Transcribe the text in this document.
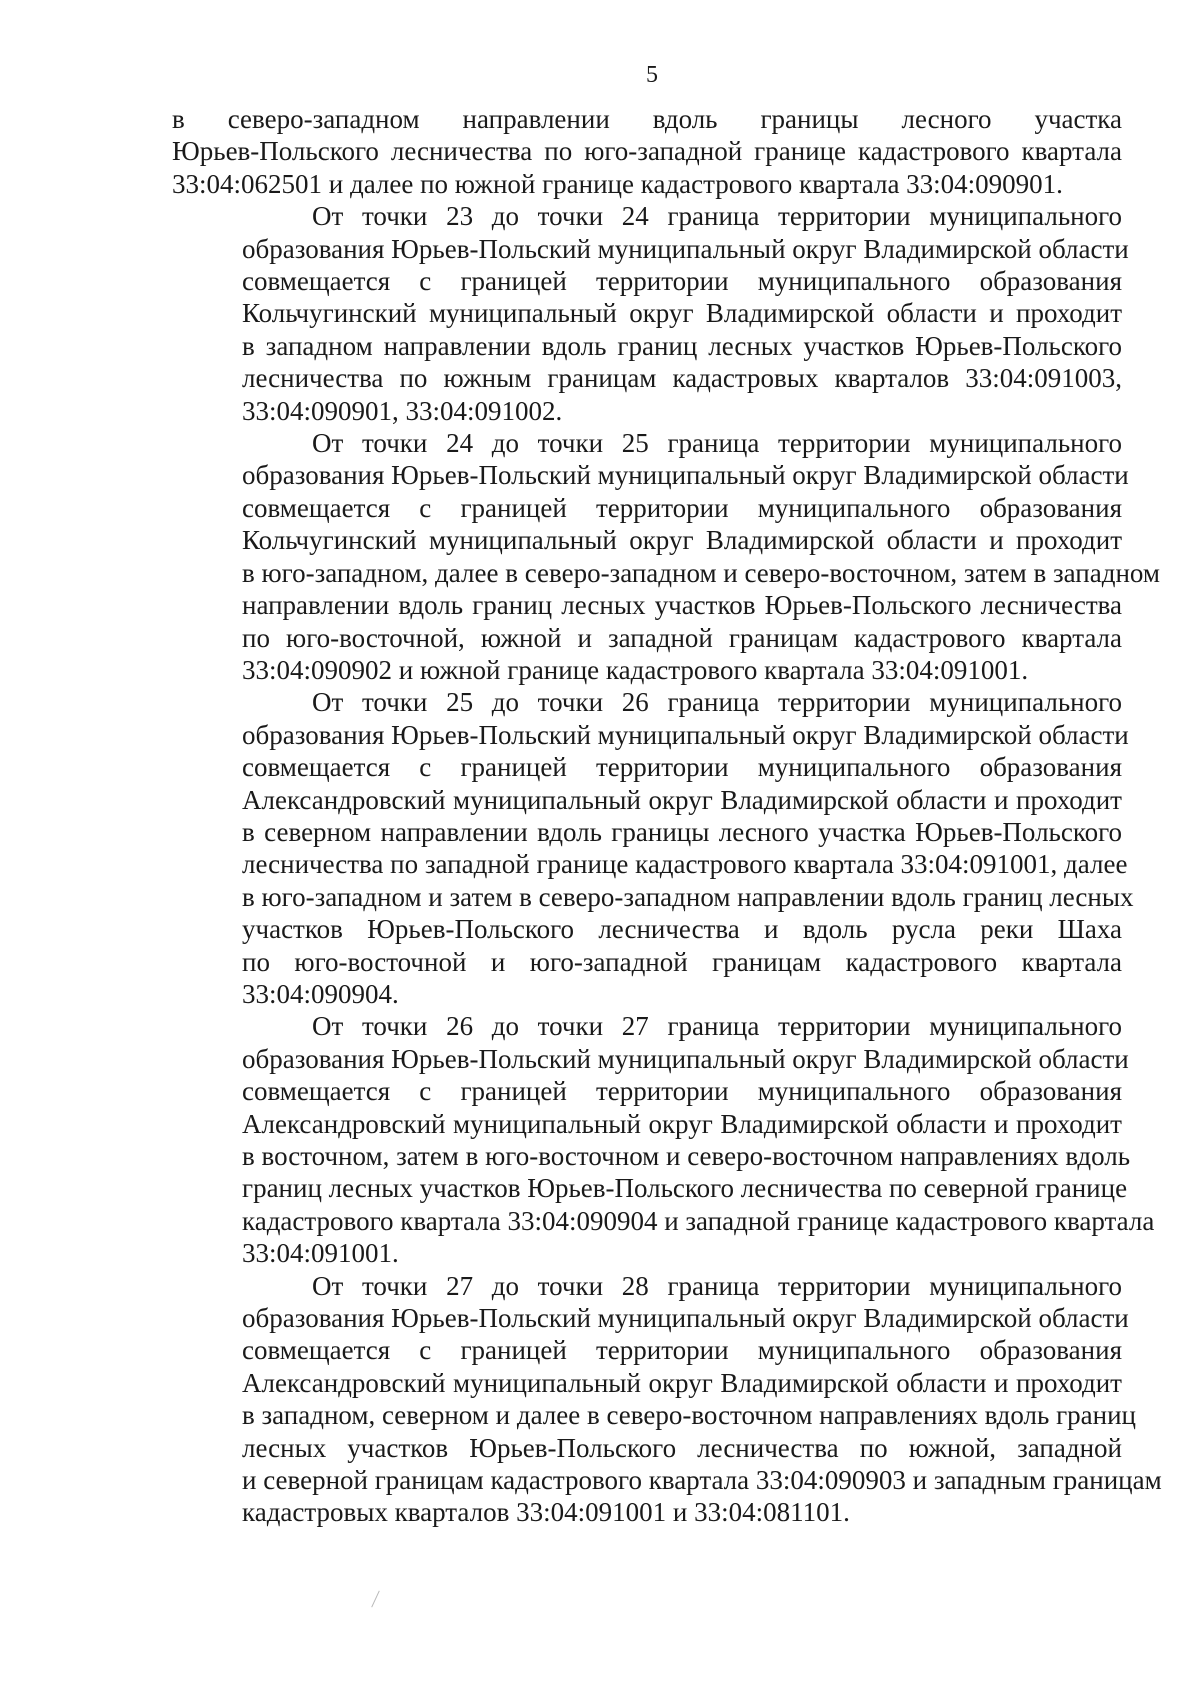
5
в северо-западном направлении вдоль границы лесного участка
Юрьев-Польского лесничества по юго-западной границе кадастрового квартала
33:04:062501 и далее по южной границе кадастрового квартала 33:04:090901.
От точки 23 до точки 24 граница территории муниципального
образования Юрьев-Польский муниципальный округ Владимирской области
совмещается с границей территории муниципального образования
Кольчугинский муниципальный округ Владимирской области и проходит
в западном направлении вдоль границ лесных участков Юрьев-Польского
лесничества по южным границам кадастровых кварталов 33:04:091003,
33:04:090901, 33:04:091002.
От точки 24 до точки 25 граница территории муниципального
образования Юрьев-Польский муниципальный округ Владимирской области
совмещается с границей территории муниципального образования
Кольчугинский муниципальный округ Владимирской области и проходит
в юго-западном, далее в северо-западном и северо-восточном, затем в западном
направлении вдоль границ лесных участков Юрьев-Польского лесничества
по юго-восточной, южной и западной границам кадастрового квартала
33:04:090902 и южной границе кадастрового квартала 33:04:091001.
От точки 25 до точки 26 граница территории муниципального
образования Юрьев-Польский муниципальный округ Владимирской области
совмещается с границей территории муниципального образования
Александровский муниципальный округ Владимирской области и проходит
в северном направлении вдоль границы лесного участка Юрьев-Польского
лесничества по западной границе кадастрового квартала 33:04:091001, далее
в юго-западном и затем в северо-западном направлении вдоль границ лесных
участков Юрьев-Польского лесничества и вдоль русла реки Шаха
по юго-восточной и юго-западной границам кадастрового квартала
33:04:090904.
От точки 26 до точки 27 граница территории муниципального
образования Юрьев-Польский муниципальный округ Владимирской области
совмещается с границей территории муниципального образования
Александровский муниципальный округ Владимирской области и проходит
в восточном, затем в юго-восточном и северо-восточном направлениях вдоль
границ лесных участков Юрьев-Польского лесничества по северной границе
кадастрового квартала 33:04:090904 и западной границе кадастрового квартала
33:04:091001.
От точки 27 до точки 28 граница территории муниципального
образования Юрьев-Польский муниципальный округ Владимирской области
совмещается с границей территории муниципального образования
Александровский муниципальный округ Владимирской области и проходит
в западном, северном и далее в северо-восточном направлениях вдоль границ
лесных участков Юрьев-Польского лесничества по южной, западной
и северной границам кадастрового квартала 33:04:090903 и западным границам
кадастровых кварталов 33:04:091001 и 33:04:081101.
